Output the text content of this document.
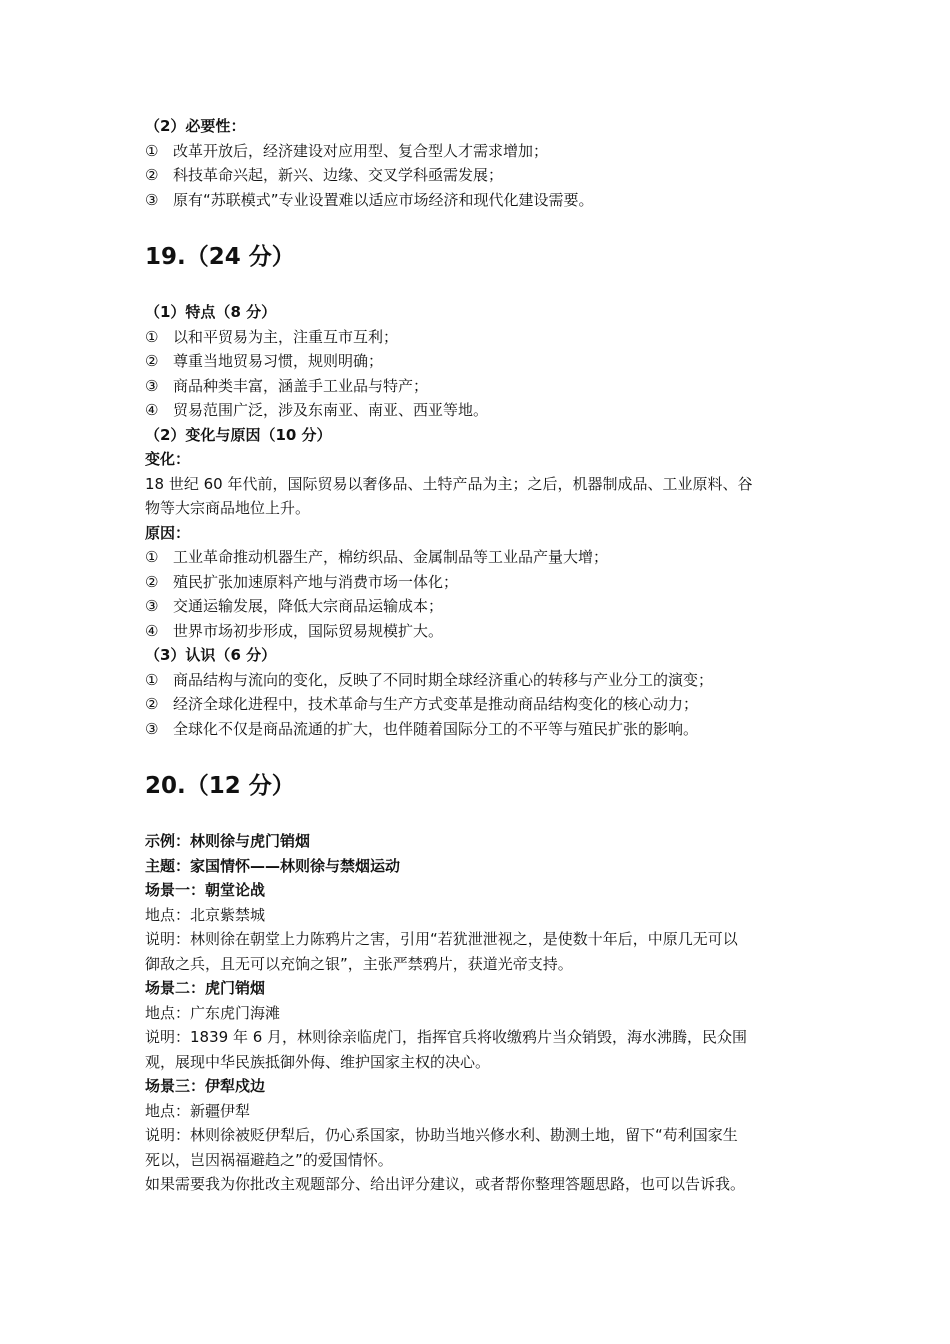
（2）必要性：
① 改革开放后，经济建设对应用型、复合型人才需求增加；
② 科技革命兴起，新兴、边缘、交叉学科亟需发展；
③ 原有“苏联模式”专业设置难以适应市场经济和现代化建设需要。
19.（24 分）
（1）特点（8 分）
① 以和平贸易为主，注重互市互利；
② 尊重当地贸易习惯，规则明确；
③ 商品种类丰富，涵盖手工业品与特产；
④ 贸易范围广泛，涉及东南亚、南亚、西亚等地。
（2）变化与原因（10 分）
变化：
18 世纪 60 年代前，国际贸易以奢侈品、土特产品为主；之后，机器制成品、工业原料、谷
物等大宗商品地位上升。
原因：
① 工业革命推动机器生产，棉纺织品、金属制品等工业品产量大增；
② 殖民扩张加速原料产地与消费市场一体化；
③ 交通运输发展，降低大宗商品运输成本；
④ 世界市场初步形成，国际贸易规模扩大。
（3）认识（6 分）
① 商品结构与流向的变化，反映了不同时期全球经济重心的转移与产业分工的演变；
② 经济全球化进程中，技术革命与生产方式变革是推动商品结构变化的核心动力；
③ 全球化不仅是商品流通的扩大，也伴随着国际分工的不平等与殖民扩张的影响。
20.（12 分）
示例：林则徐与虎门销烟
主题：家国情怀——林则徐与禁烟运动
场景一：朝堂论战
地点：北京紫禁城
说明：林则徐在朝堂上力陈鸦片之害，引用“若犹泄泄视之，是使数十年后，中原几无可以
御敌之兵，且无可以充饷之银”，主张严禁鸦片，获道光帝支持。
场景二：虎门销烟
地点：广东虎门海滩
说明：1839 年 6 月，林则徐亲临虎门，指挥官兵将收缴鸦片当众销毁，海水沸腾，民众围
观，展现中华民族抵御外侮、维护国家主权的决心。
场景三：伊犁戍边
地点：新疆伊犁
说明：林则徐被贬伊犁后，仍心系国家，协助当地兴修水利、勘测土地，留下“苟利国家生
死以，岂因祸福避趋之”的爱国情怀。
如果需要我为你批改主观题部分、给出评分建议，或者帮你整理答题思路，也可以告诉我。
